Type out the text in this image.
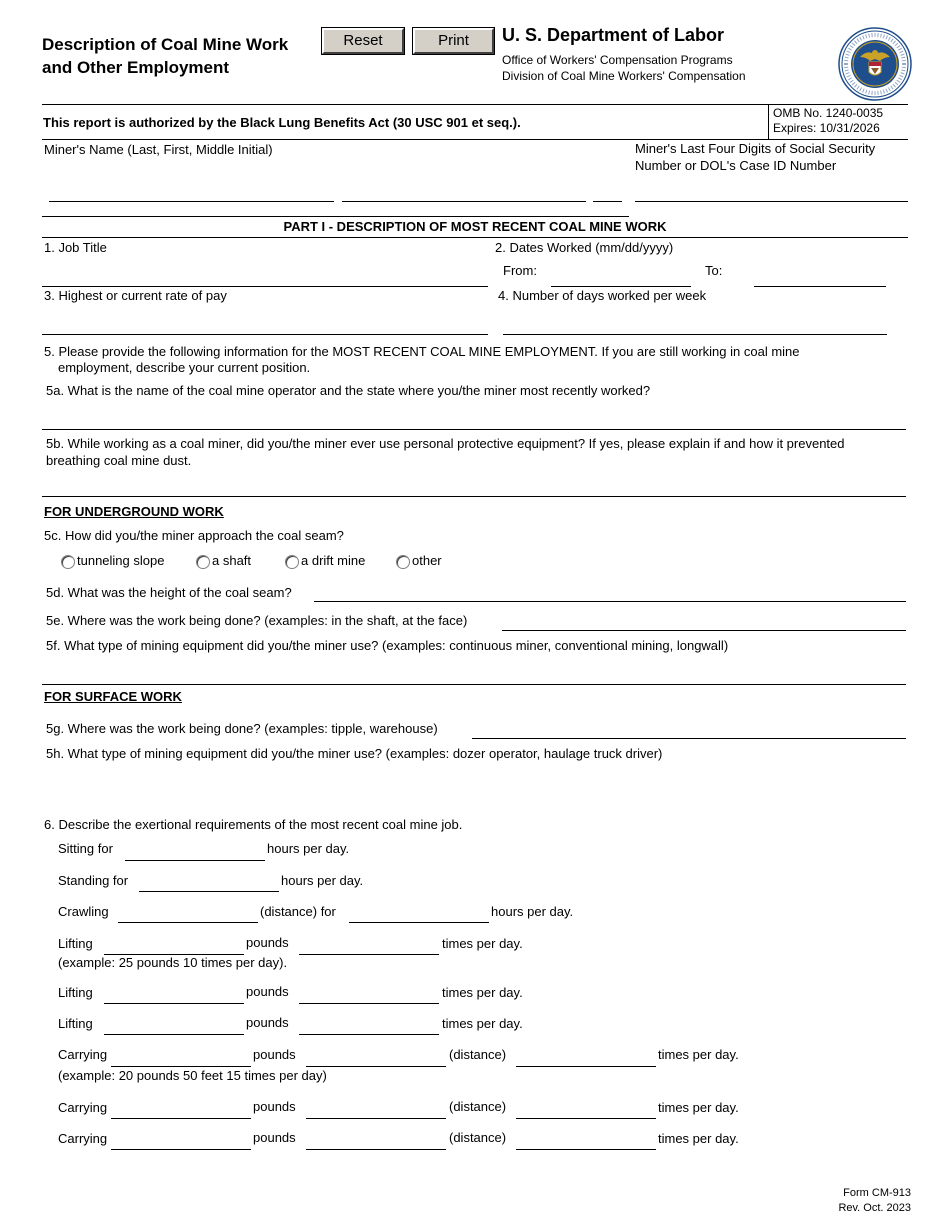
Description of Coal Mine Work
and Other Employment
Reset	Print	U. S. Department of Labor
Office of Workers' Compensation Programs
Division of Coal Mine Workers' Compensation
This report is authorized by the Black Lung Benefits Act (30 USC 901 et seq.).
OMB No. 1240-0035
Expires: 10/31/2026
Miner's Name (Last, First, Middle Initial)	Miner's Last Four Digits of Social Security
Number or DOL's Case ID Number
PART I - DESCRIPTION OF MOST RECENT COAL MINE WORK
1. Job Title	2. Dates Worked (mm/dd/yyyy)
From:	To:
3. Highest or current rate of pay	4. Number of days worked per week
5. Please provide the following information for the MOST RECENT COAL MINE EMPLOYMENT. If you are still working in coal mine
employment, describe your current position.
5a. What is the name of the coal mine operator and the state where you/the miner most recently worked?
5b. While working as a coal miner, did you/the miner ever use personal protective equipment? If yes, please explain if and how it prevented
breathing coal mine dust.
FOR UNDERGROUND WORK
5c. How did you/the miner approach the coal seam?
tunneling slope	a shaft	a drift mine	other
5d. What was the height of the coal seam?
5e. Where was the work being done? (examples: in the shaft, at the face)
5f. What type of mining equipment did you/the miner use? (examples: continuous miner, conventional mining, longwall)
FOR SURFACE WORK
5g. Where was the work being done? (examples: tipple, warehouse)
5h. What type of mining equipment did you/the miner use? (examples: dozer operator, haulage truck driver)
6. Describe the exertional requirements of the most recent coal mine job.
Sitting for	hours per day.
Standing for	hours per day.
Crawling	(distance) for	hours per day.
Lifting	pounds	times per day.
(example: 25 pounds 10 times per day).
Lifting	pounds	times per day.
Lifting	pounds	times per day.
Carrying	pounds	(distance)	times per day.
(example: 20 pounds 50 feet 15 times per day)
Carrying	pounds	(distance)	times per day.
Carrying	pounds	(distance)	times per day.
Form CM-913
Rev. Oct. 2023
